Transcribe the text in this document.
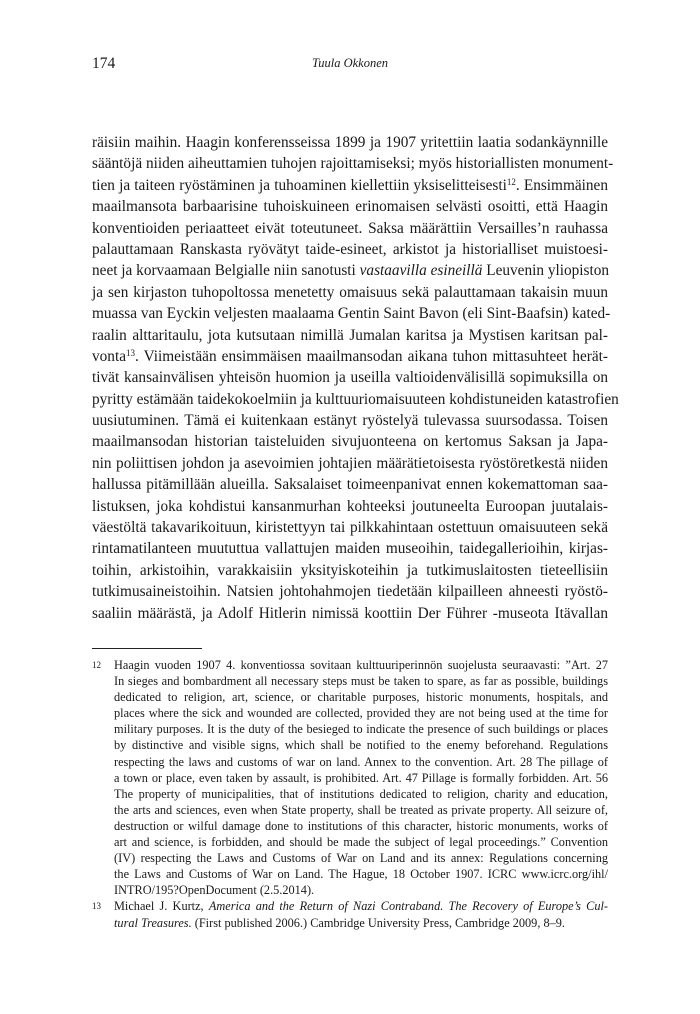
174	Tuula Okkonen
räisiin maihin. Haagin konferensseissa 1899 ja 1907 yritettiin laatia sodankäynnille
sääntöjä niiden aiheuttamien tuhojen rajoittamiseksi; myös historiallisten monument-
tien ja taiteen ryöstäminen ja tuhoaminen kiellettiin yksiselitteisesti$^{12}$. Ensimmäinen
maailmansota barbaarisine tuhoiskuineen erinomaisen selvästi osoitti, että Haagin
konventioiden periaatteet eivät toteutuneet. Saksa määrättiin Versailles’n rauhassa
palauttamaan Ranskasta ryövätyt taide-esineet, arkistot ja historialliset muistoesi-
neet ja korvaamaan Belgialle niin sanotusti vastaavilla esineillä Leuvenin yliopiston
ja sen kirjaston tuhopoltossa menetetty omaisuus sekä palauttamaan takaisin muun
muassa van Eyckin veljesten maalaama Gentin Saint Bavon (eli Sint-Baafsin) kated-
raalin alttaritaulu, jota kutsutaan nimillä Jumalan karitsa ja Mystisen karitsan pal-
vonta$^{13}$. Viimeistään ensimmäisen maailmansodan aikana tuhon mittasuhteet herät-
tivät kansainvälisen yhteisön huomion ja useilla valtioidenvälisillä sopimuksilla on
pyritty estämään taidekokoelmiin ja kulttuuriomaisuuteen kohdistuneiden katastrofien
uusiutuminen. Tämä ei kuitenkaan estänyt ryöstelyä tulevassa suursodassa. Toisen
maailmansodan historian taisteluiden sivujuonteena on kertomus Saksan ja Japa-
nin poliittisen johdon ja asevoimien johtajien määrätietoisesta ryöstöretkestä niiden
hallussa pitämillään alueilla. Saksalaiset toimeenpanivat ennen kokemattoman saa-
listuksen, joka kohdistui kansanmurhan kohteeksi joutuneelta Euroopan juutalais-
väestöltä takavarikoituun, kiristettyyn tai pilkkahintaan ostettuun omaisuuteen sekä
rintamatilanteen muututtua vallattujen maiden museoihin, taidegallerioihin, kirjas-
toihin, arkistoihin, varakkaisiin yksityiskoteihin ja tutkimuslaitosten tieteellisiin
tutkimusaineistoihin. Natsien johtohahmojen tiedetään kilpailleen ahneesti ryöstö-
saaliin määrästä, ja Adolf Hitlerin nimissä koottiin Der Führer -museota Itävallan
12 Haagin vuoden 1907 4. konventiossa sovitaan kulttuuriperinnön suojelusta seuraavasti: ”Art. 27
In sieges and bombardment all necessary steps must be taken to spare, as far as possible, buildings
dedicated to religion, art, science, or charitable purposes, historic monuments, hospitals, and
places where the sick and wounded are collected, provided they are not being used at the time for
military purposes. It is the duty of the besieged to indicate the presence of such buildings or places
by distinctive and visible signs, which shall be notified to the enemy beforehand. Regulations
respecting the laws and customs of war on land. Annex to the convention. Art. 28 The pillage of
a town or place, even taken by assault, is prohibited. Art. 47 Pillage is formally forbidden. Art. 56
The property of municipalities, that of institutions dedicated to religion, charity and education,
the arts and sciences, even when State property, shall be treated as private property. All seizure of,
destruction or wilful damage done to institutions of this character, historic monuments, works of
art and science, is forbidden, and should be made the subject of legal proceedings.” Convention
(IV) respecting the Laws and Customs of War on Land and its annex: Regulations concerning
the Laws and Customs of War on Land. The Hague, 18 October 1907. ICRC www.icrc.org/ihl/
INTRO/195?OpenDocument (2.5.2014).
13 Michael J. Kurtz, America and the Return of Nazi Contraband. The Recovery of Europe’s Cul-
tural Treasures. (First published 2006.) Cambridge University Press, Cambridge 2009, 8–9.
